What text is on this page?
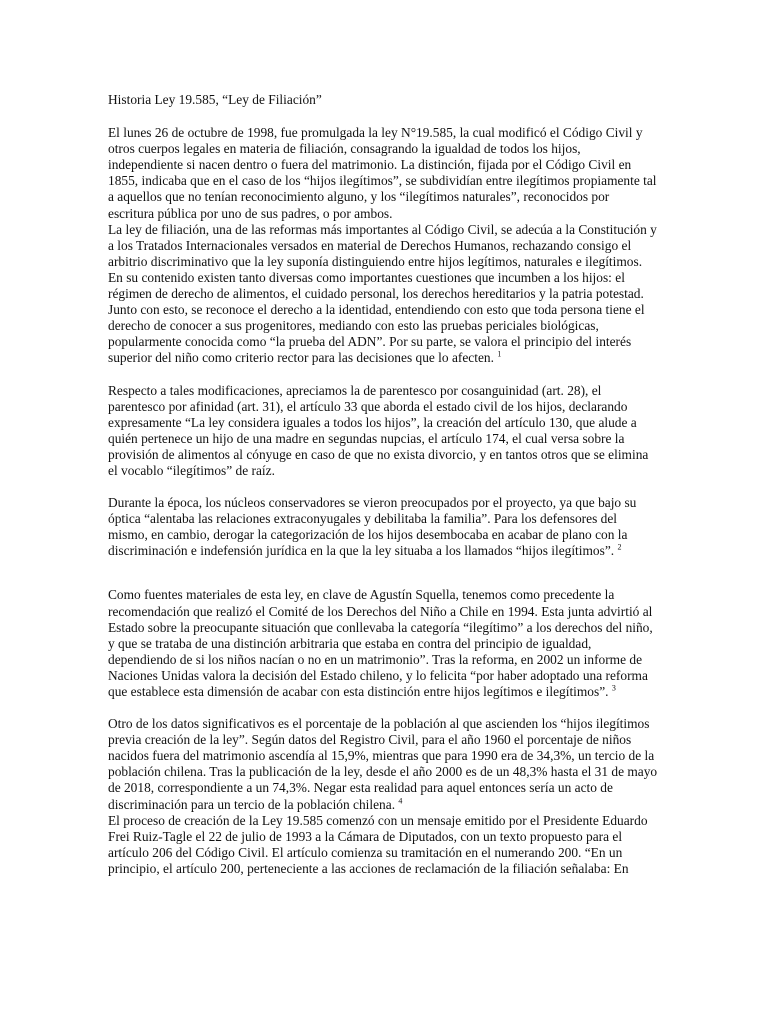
Historia Ley 19.585, “Ley de Filiación”

El lunes 26 de octubre de 1998, fue promulgada la ley N°19.585, la cual modificó el Código Civil y otros cuerpos legales en materia de filiación, consagrando la igualdad de todos los hijos, independiente si nacen dentro o fuera del matrimonio. La distinción, fijada por el Código Civil en 1855, indicaba que en el caso de los “hijos ilegítimos”, se subdividían entre ilegítimos propiamente tal a aquellos que no tenían reconocimiento alguno, y los “ilegítimos naturales”, reconocidos por escritura pública por uno de sus padres, o por ambos.

La ley de filiación, una de las reformas más importantes al Código Civil, se adecúa a la Constitución y a los Tratados Internacionales versados en material de Derechos Humanos, rechazando consigo el arbitrio discriminativo que la ley suponía distinguiendo entre hijos legítimos, naturales e ilegítimos. En su contenido existen tanto diversas como importantes cuestiones que incumben a los hijos: el régimen de derecho de alimentos, el cuidado personal, los derechos hereditarios y la patria potestad. Junto con esto, se reconoce el derecho a la identidad, entendiendo con esto que toda persona tiene el derecho de conocer a sus progenitores, mediando con esto las pruebas periciales biológicas, popularmente conocida como “la prueba del ADN”. Por su parte, se valora el principio del interés superior del niño como criterio rector para las decisiones que lo afecten. $^1$

Respecto a tales modificaciones, apreciamos la de parentesco por cosanguinidad (art. 28), el parentesco por afinidad (art. 31), el artículo 33 que aborda el estado civil de los hijos, declarando expresamente “La ley considera iguales a todos los hijos”, la creación del artículo 130, que alude a quién pertenece un hijo de una madre en segundas nupcias, el artículo 174, el cual versa sobre la provisión de alimentos al cónyuge en caso de que no exista divorcio, y en tantos otros que se elimina el vocablo “ilegítimos” de raíz.

Durante la época, los núcleos conservadores se vieron preocupados por el proyecto, ya que bajo su óptica “alentaba las relaciones extraconyugales y debilitaba la familia”. Para los defensores del mismo, en cambio, derogar la categorización de los hijos desembocaba en acabar de plano con la discriminación e indefensión jurídica en la que la ley situaba a los llamados “hijos ilegítimos”. $^2$

Como fuentes materiales de esta ley, en clave de Agustín Squella, tenemos como precedente la recomendación que realizó el Comité de los Derechos del Niño a Chile en 1994. Esta junta advirtió al Estado sobre la preocupante situación que conllevaba la categoría “ilegítimo” a los derechos del niño, y que se trataba de una distinción arbitraria que estaba en contra del principio de igualdad, dependiendo de si los niños nacían o no en un matrimonio”. Tras la reforma, en 2002 un informe de Naciones Unidas valora la decisión del Estado chileno, y lo felicita “por haber adoptado una reforma que establece esta dimensión de acabar con esta distinción entre hijos legítimos e ilegítimos”. $^3$

Otro de los datos significativos es el porcentaje de la población al que ascienden los “hijos ilegítimos previa creación de la ley”. Según datos del Registro Civil, para el año 1960 el porcentaje de niños nacidos fuera del matrimonio ascendía al 15,9%, mientras que para 1990 era de 34,3%, un tercio de la población chilena. Tras la publicación de la ley, desde el año 2000 es de un 48,3% hasta el 31 de mayo de 2018, correspondiente a un 74,3%. Negar esta realidad para aquel entonces sería un acto de discriminación para un tercio de la población chilena. $^4$

El proceso de creación de la Ley 19.585 comenzó con un mensaje emitido por el Presidente Eduardo Frei Ruiz-Tagle el 22 de julio de 1993 a la Cámara de Diputados, con un texto propuesto para el artículo 206 del Código Civil. El artículo comienza su tramitación en el numerando 200. “En un principio, el artículo 200, perteneciente a las acciones de reclamación de la filiación señalaba: En
